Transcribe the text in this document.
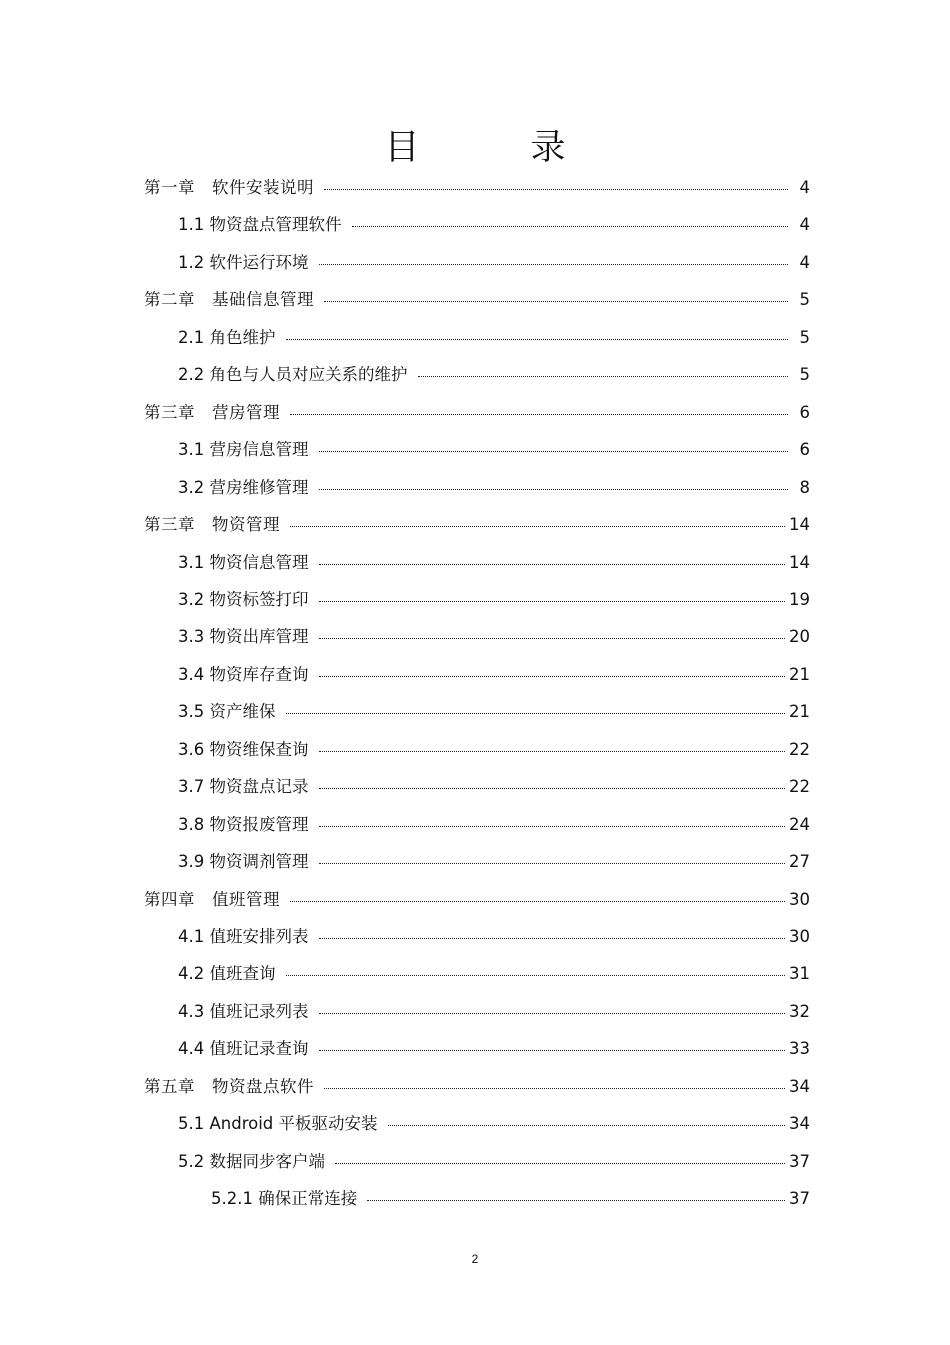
目　录
第一章　软件安装说明	4
1.1 物资盘点管理软件	4
1.2 软件运行环境	4
第二章　基础信息管理	5
2.1 角色维护	5
2.2 角色与人员对应关系的维护	5
第三章　营房管理	6
3.1 营房信息管理	6
3.2 营房维修管理	8
第三章　物资管理	14
3.1 物资信息管理	14
3.2 物资标签打印	19
3.3 物资出库管理	20
3.4 物资库存查询	21
3.5 资产维保	21
3.6 物资维保查询	22
3.7 物资盘点记录	22
3.8 物资报废管理	24
3.9 物资调剂管理	27
第四章　值班管理	30
4.1 值班安排列表	30
4.2 值班查询	31
4.3 值班记录列表	32
4.4 值班记录查询	33
第五章　物资盘点软件	34
5.1 Android 平板驱动安装	34
5.2 数据同步客户端	37
5.2.1 确保正常连接	37
2
